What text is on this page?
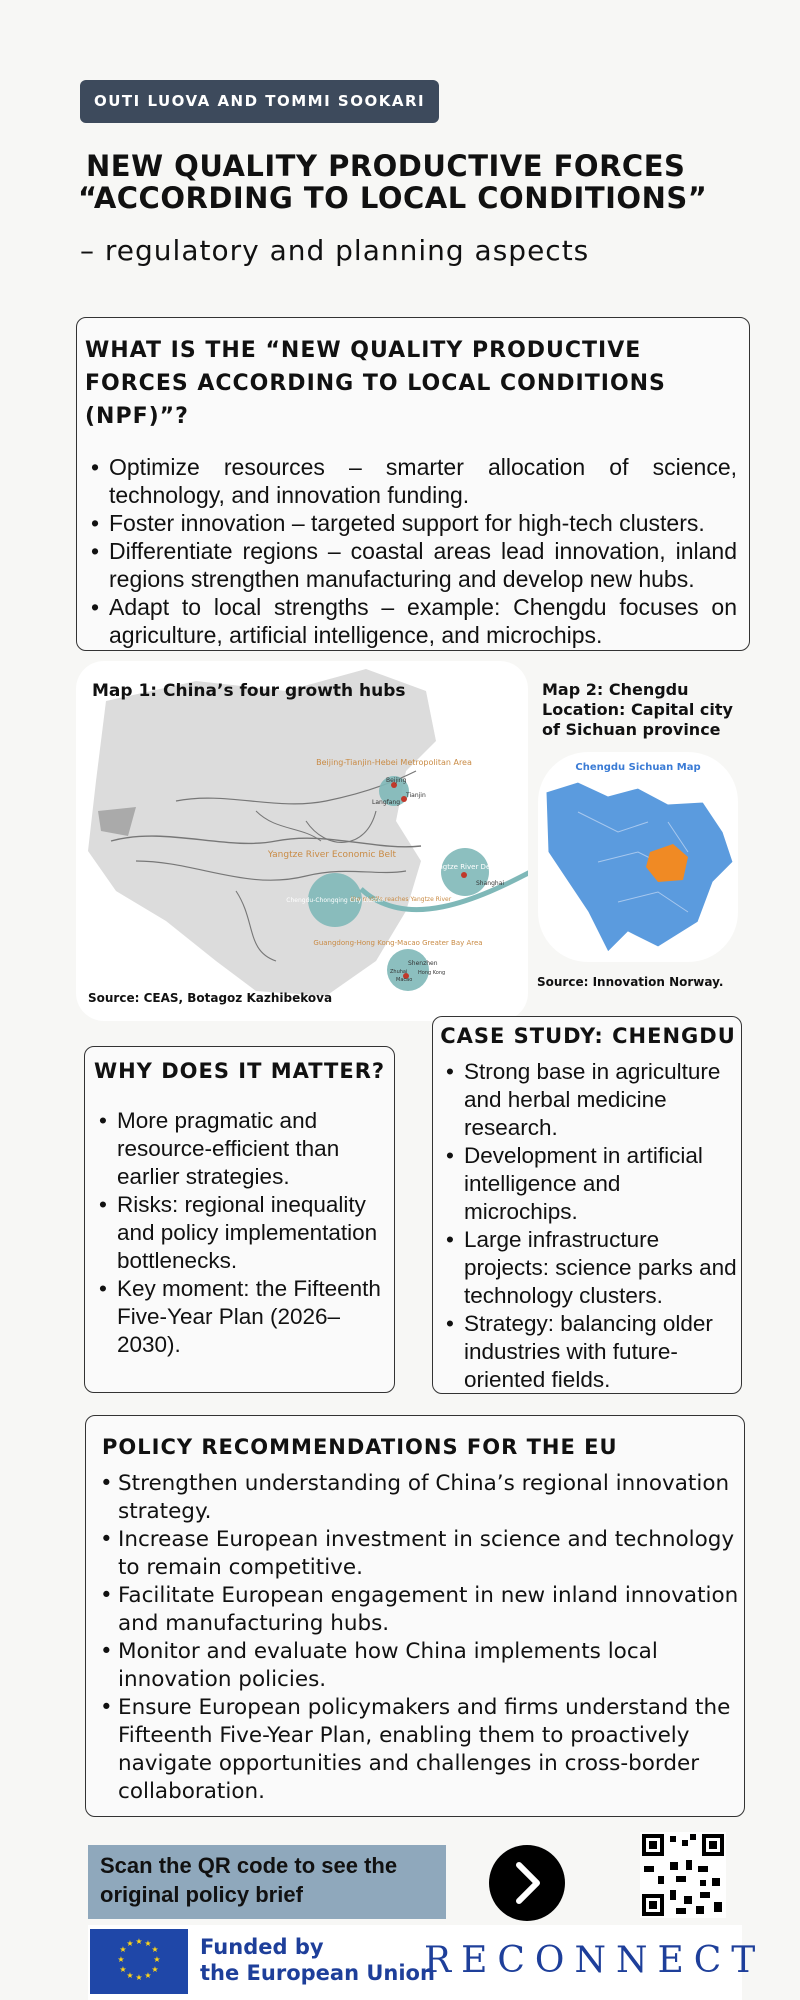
OUTI LUOVA AND TOMMI SOOKARI
NEW QUALITY PRODUCTIVE FORCES
“ACCORDING TO LOCAL CONDITIONS”
– regulatory and planning aspects
WHAT IS THE “NEW QUALITY PRODUCTIVE FORCES ACCORDING TO LOCAL CONDITIONS (NPF)”?
• Optimize resources – smarter allocation of science, technology, and innovation funding.
• Foster innovation – targeted support for high-tech clusters.
• Differentiate regions – coastal areas lead innovation, inland regions strengthen manufacturing and develop new hubs.
• Adapt to local strengths – example: Chengdu focuses on agriculture, artificial intelligence, and microchips.
Beijing-Tianjin-Hebei Metropolitan Area
Beijing
Tianjin
Langfang
Yangtze River Economic Belt
Yangtze River Delta
Shanghai
the middle reaches Yangtze River
Chengdu-Chongqing City cluster
Guangdong-Hong Kong-Macao Greater Bay Area
Shenzhen
Hong Kong
Zhuhai
Macao
Map 1: China’s four growth hubs
Source: CEAS, Botagoz Kazhibekova
Map 2: Chengdu
Location: Capital city
of Sichuan province
Chengdu Sichuan Map
Source: Innovation Norway.
WHY DOES IT MATTER?
• More pragmatic and resource-efficient than earlier strategies.
• Risks: regional inequality and policy implementation bottlenecks.
• Key moment: the Fifteenth Five-Year Plan (2026–2030).
CASE STUDY: CHENGDU
• Strong base in agriculture and herbal medicine research.
• Development in artificial intelligence and microchips.
• Large infrastructure projects: science parks and technology clusters.
• Strategy: balancing older industries with future-oriented fields.
POLICY RECOMMENDATIONS FOR THE EU
• Strengthen understanding of China’s regional innovation strategy.
• Increase European investment in science and technology to remain competitive.
• Facilitate European engagement in new inland innovation and manufacturing hubs.
• Monitor and evaluate how China implements local innovation policies.
• Ensure European policymakers and firms understand the Fifteenth Five-Year Plan, enabling them to proactively navigate opportunities and challenges in cross-border collaboration.
Scan the QR code to see the original policy brief
★ ★
★
★
★
★
★
★
★
★
★
★	Funded by
the European Union
RECONNECT
